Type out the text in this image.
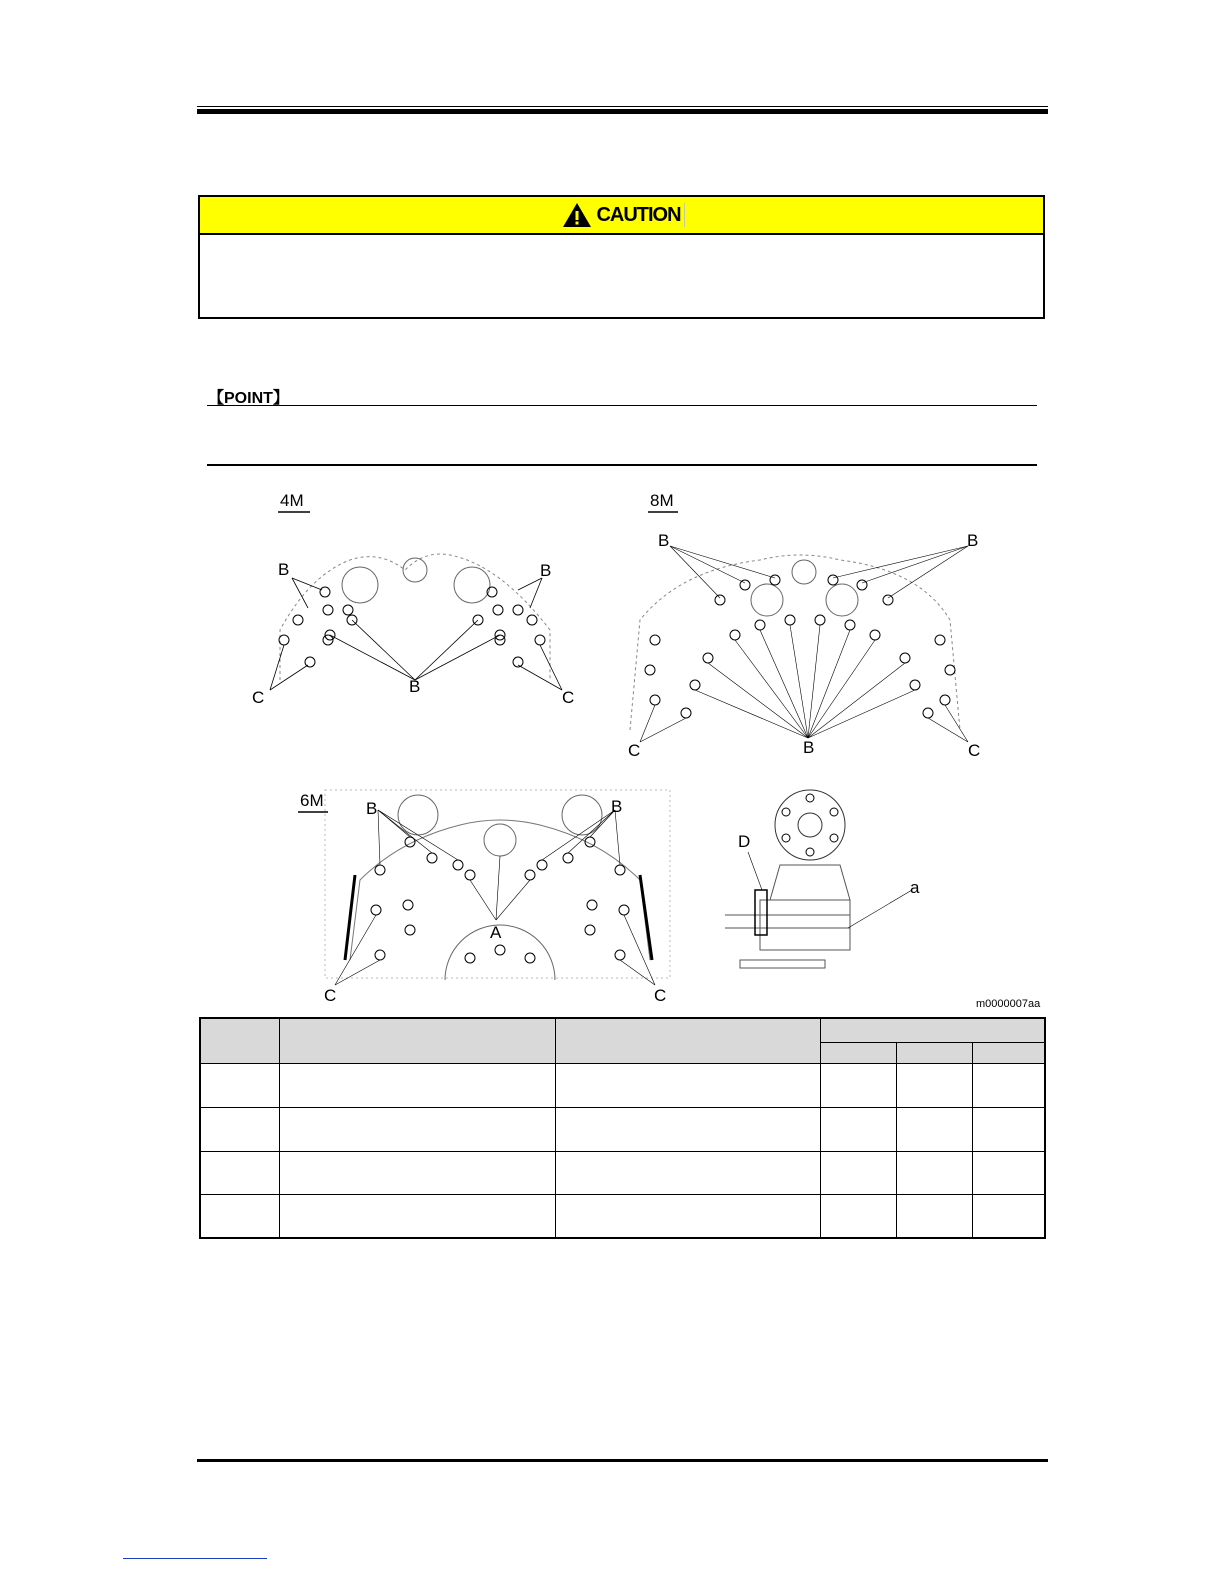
CAUTION
【POINT】
4M
B	B
B
C	C
8M
B	B
B
C	C
6M B	B
A
C	C
D
a
m0000007aa
